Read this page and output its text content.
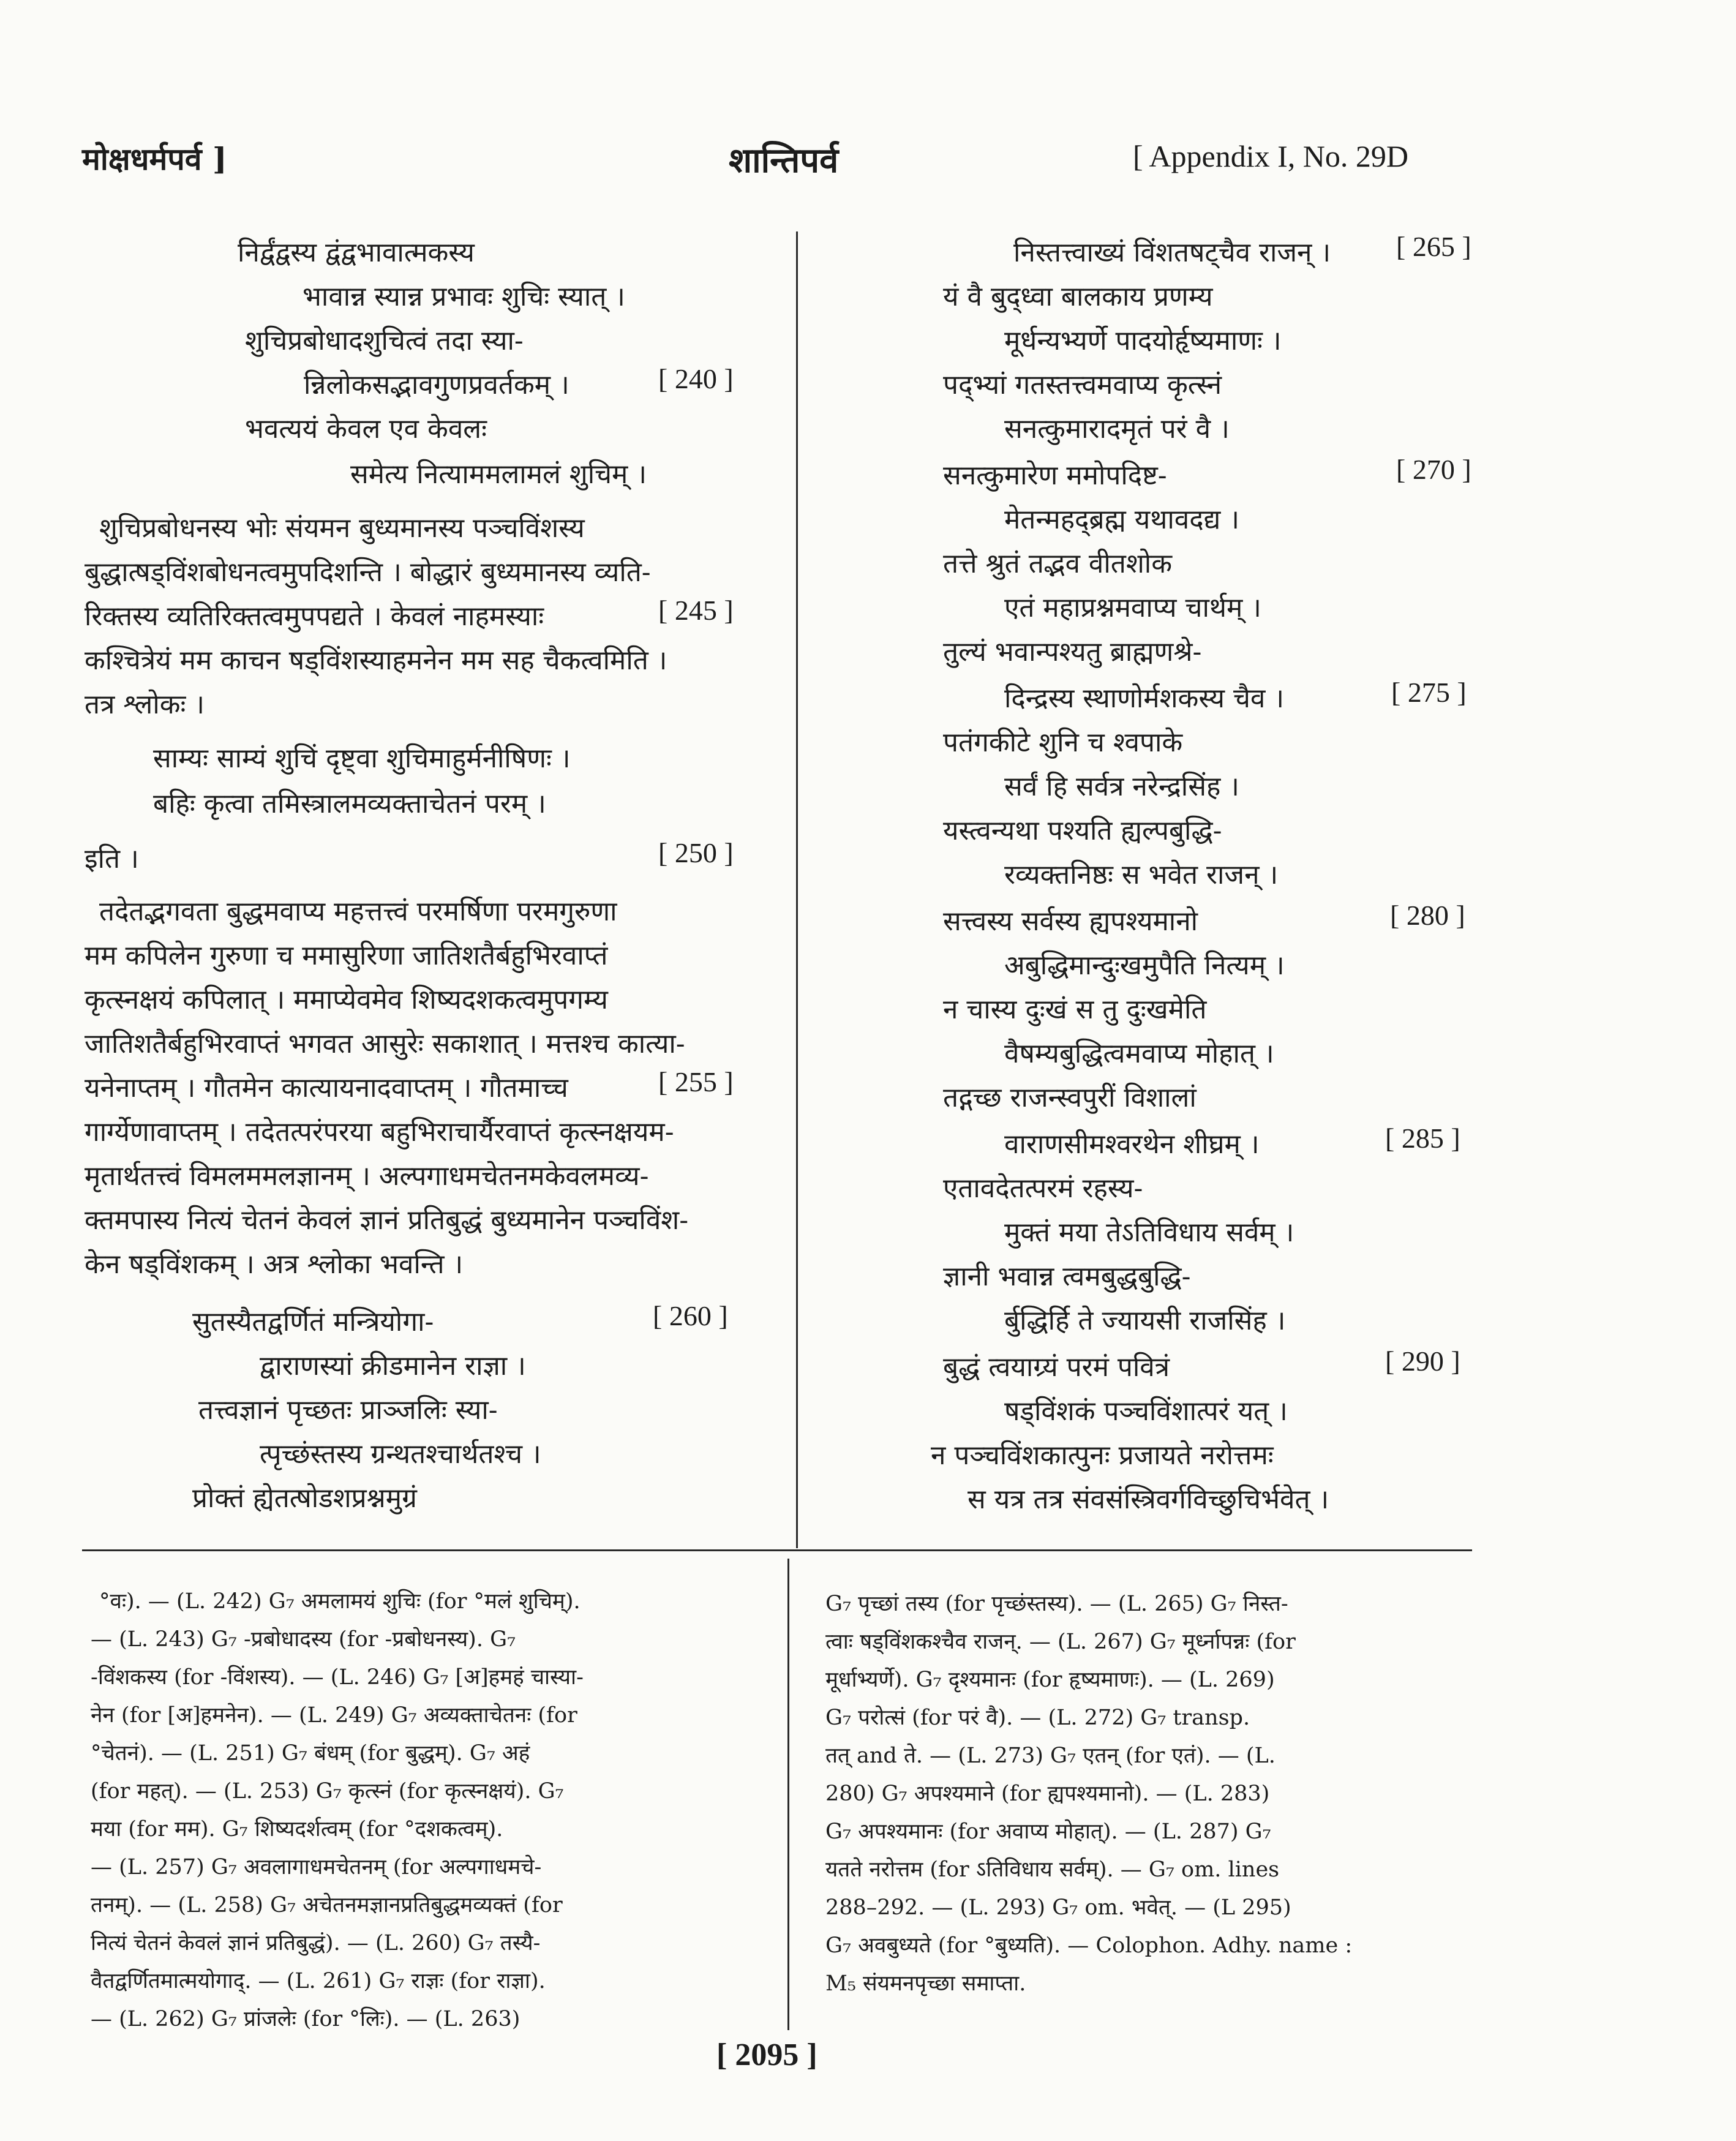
मोक्षधर्मपर्व ]	शान्तिपर्व	[ Appendix I, No. 29D
निर्द्वंद्वस्य द्वंद्वभावात्मकस्य
भावान्न स्यान्न प्रभावः शुचिः स्यात् ।
शुचिप्रबोधादशुचित्वं तदा स्या-
न्निलोकसद्भावगुणप्रवर्तकम् ।	[ 240 ]
भवत्ययं केवल एव केवलः
समेत्य नित्याममलामलं शुचिम् ।
शुचिप्रबोधनस्य भोः संयमन बुध्यमानस्य पञ्चविंशस्य
बुद्धात्षड्विंशबोधनत्वमुपदिशन्ति । बोद्धारं बुध्यमानस्य व्यति-
रिक्तस्य व्यतिरिक्तत्वमुपपद्यते । केवलं नाहमस्याः	[ 245 ]
कश्चित्रेयं मम काचन षड्विंशस्याहमनेन मम सह चैकत्वमिति ।
तत्र श्लोकः ।
साम्यः साम्यं शुचिं दृष्ट्वा शुचिमाहुर्मनीषिणः ।
बहिः कृत्वा तमिस्त्रालमव्यक्ताचेतनं परम् ।
इति ।	[ 250 ]
तदेतद्भगवता बुद्धमवाप्य महत्तत्त्वं परमर्षिणा परमगुरुणा
मम कपिलेन गुरुणा च ममासुरिणा जातिशतैर्बहुभिरवाप्तं
कृत्स्नक्षयं कपिलात् । ममाप्येवमेव शिष्यदशकत्वमुपगम्य
जातिशतैर्बहुभिरवाप्तं भगवत आसुरेः सकाशात् । मत्तश्च कात्या-
यनेनाप्तम् । गौतमेन कात्यायनादवाप्तम् । गौतमाच्च	[ 255 ]
गार्ग्येणावाप्तम् । तदेतत्परंपरया बहुभिराचार्यैरवाप्तं कृत्स्नक्षयम-
मृतार्थतत्त्वं विमलममलज्ञानम् । अल्पगाधमचेतनमकेवलमव्य-
क्तमपास्य नित्यं चेतनं केवलं ज्ञानं प्रतिबुद्धं बुध्यमानेन पञ्चविंश-
केन षड्विंशकम् । अत्र श्लोका भवन्ति ।
सुतस्यैतद्वर्णितं मन्त्रियोगा-	[ 260 ]
द्वाराणस्यां क्रीडमानेन राज्ञा ।
तत्त्वज्ञानं पृच्छतः प्राञ्जलिः स्या-
त्पृच्छंस्तस्य ग्रन्थतश्चार्थतश्च ।
प्रोक्तं ह्येतत्षोडशप्रश्नमुग्रं
निस्तत्त्वाख्यं विंशतषट्चैव राजन् । [ 265 ]
यं वै बुद्ध्वा बालकाय प्रणम्य
मूर्धन्यभ्यर्णे पादयोर्हृष्यमाणः ।
पद्भ्यां गतस्तत्त्वमवाप्य कृत्स्नं
सनत्कुमारादमृतं परं वै ।
सनत्कुमारेण ममोपदिष्ट-	[ 270 ]
मेतन्महद्ब्रह्म यथावदद्य ।
तत्ते श्रुतं तद्भव वीतशोक
एतं महाप्रश्नमवाप्य चार्थम् ।
तुल्यं भवान्पश्यतु ब्राह्मणश्रे-
दिन्द्रस्य स्थाणोर्मशकस्य चैव ।	[ 275 ]
पतंगकीटे शुनि च श्वपाके
सर्वं हि सर्वत्र नरेन्द्रसिंह ।
यस्त्वन्यथा पश्यति ह्यल्पबुद्धि-
रव्यक्तनिष्ठः स भवेत राजन् ।
सत्त्वस्य सर्वस्य ह्यपश्यमानो	[ 280 ]
अबुद्धिमान्दुःखमुपैति नित्यम् ।
न चास्य दुःखं स तु दुःखमेति
वैषम्यबुद्धित्वमवाप्य मोहात् ।
तद्गच्छ राजन्स्वपुरीं विशालां
वाराणसीमश्वरथेन शीघ्रम् ।	[ 285 ]
एतावदेतत्परमं रहस्य-
मुक्तं मया तेऽतिविधाय सर्वम् ।
ज्ञानी भवान्न त्वमबुद्धबुद्धि-
र्बुद्धिर्हि ते ज्यायसी राजसिंह ।
बुद्धं त्वयाग्र्यं परमं पवित्रं	[ 290 ]
षड्विंशकं पञ्चविंशात्परं यत् ।
न पञ्चविंशकात्पुनः प्रजायते नरोत्तमः
स यत्र तत्र संवसंस्त्रिवर्गविच्छुचिर्भवेत् ।
°वः). — (L. 242) G₇ अमलामयं शुचिः (for °मलं शुचिम्).
— (L. 243) G₇ -प्रबोधादस्य (for -प्रबोधनस्य). G₇
-विंशकस्य (for -विंशस्य). — (L. 246) G₇ [अ]हमहं चास्या-
नेन (for [अ]हमनेन). — (L. 249) G₇ अव्यक्ताचेतनः (for
°चेतनं). — (L. 251) G₇ बंधम् (for बुद्धम्). G₇ अहं
(for महत्). — (L. 253) G₇ कृत्स्नं (for कृत्स्नक्षयं). G₇
मया (for मम). G₇ शिष्यदर्शत्वम् (for °दशकत्वम्).
— (L. 257) G₇ अवलागाधमचेतनम् (for अल्पगाधमचे-
तनम्). — (L. 258) G₇ अचेतनमज्ञानप्रतिबुद्धमव्यक्तं (for
नित्यं चेतनं केवलं ज्ञानं प्रतिबुद्धं). — (L. 260) G₇ तस्यै-
वैतद्वर्णितमात्मयोगाद्. — (L. 261) G₇ राज्ञः (for राज्ञा).
— (L. 262) G₇ प्रांजलेः (for °लिः). — (L. 263)
G₇ पृच्छां तस्य (for पृच्छंस्तस्य). — (L. 265) G₇ निस्त-
त्वाः षड्विंशकश्चैव राजन्. — (L. 267) G₇ मूर्ध्नापन्नः (for
मूर्धाभ्यर्णे). G₇ दृश्यमानः (for हृष्यमाणः). — (L. 269)
G₇ परोत्सं (for परं वै). — (L. 272) G₇ transp.
तत् and ते. — (L. 273) G₇ एतन् (for एतं). — (L.
280) G₇ अपश्यमाने (for ह्यपश्यमानो). — (L. 283)
G₇ अपश्यमानः (for अवाप्य मोहात्). — (L. 287) G₇
यतते नरोत्तम (for ऽतिविधाय सर्वम्). — G₇ om. lines
288–292. — (L. 293) G₇ om. भवेत्. — (L 295)
G₇ अवबुध्यते (for °बुध्यति). — Colophon. Adhy. name :
M₅ संयमनपृच्छा समाप्ता.
[ 2095 ]
